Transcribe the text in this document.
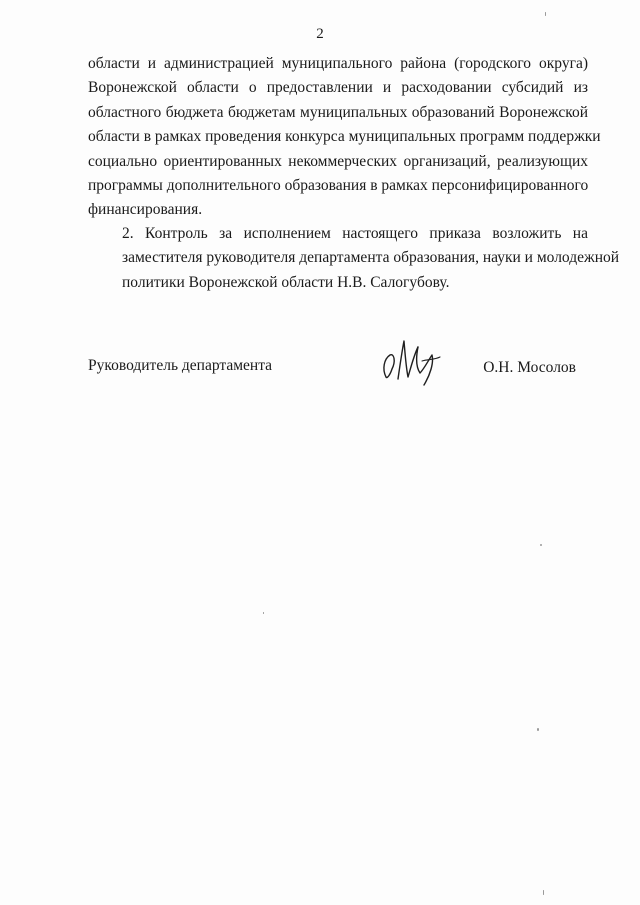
2
области и администрацией муниципального района (городского округа)
Воронежской области о предоставлении и расходовании субсидий из
областного бюджета бюджетам муниципальных образований Воронежской
области в рамках проведения конкурса муниципальных программ поддержки
социально ориентированных некоммерческих организаций, реализующих
программы дополнительного образования в рамках персонифицированного
финансирования.
2. Контроль за исполнением настоящего приказа возложить на
заместителя руководителя департамента образования, науки и молодежной
политики Воронежской области Н.В. Салогубову.
Руководитель департамента	О.Н. Мосолов
